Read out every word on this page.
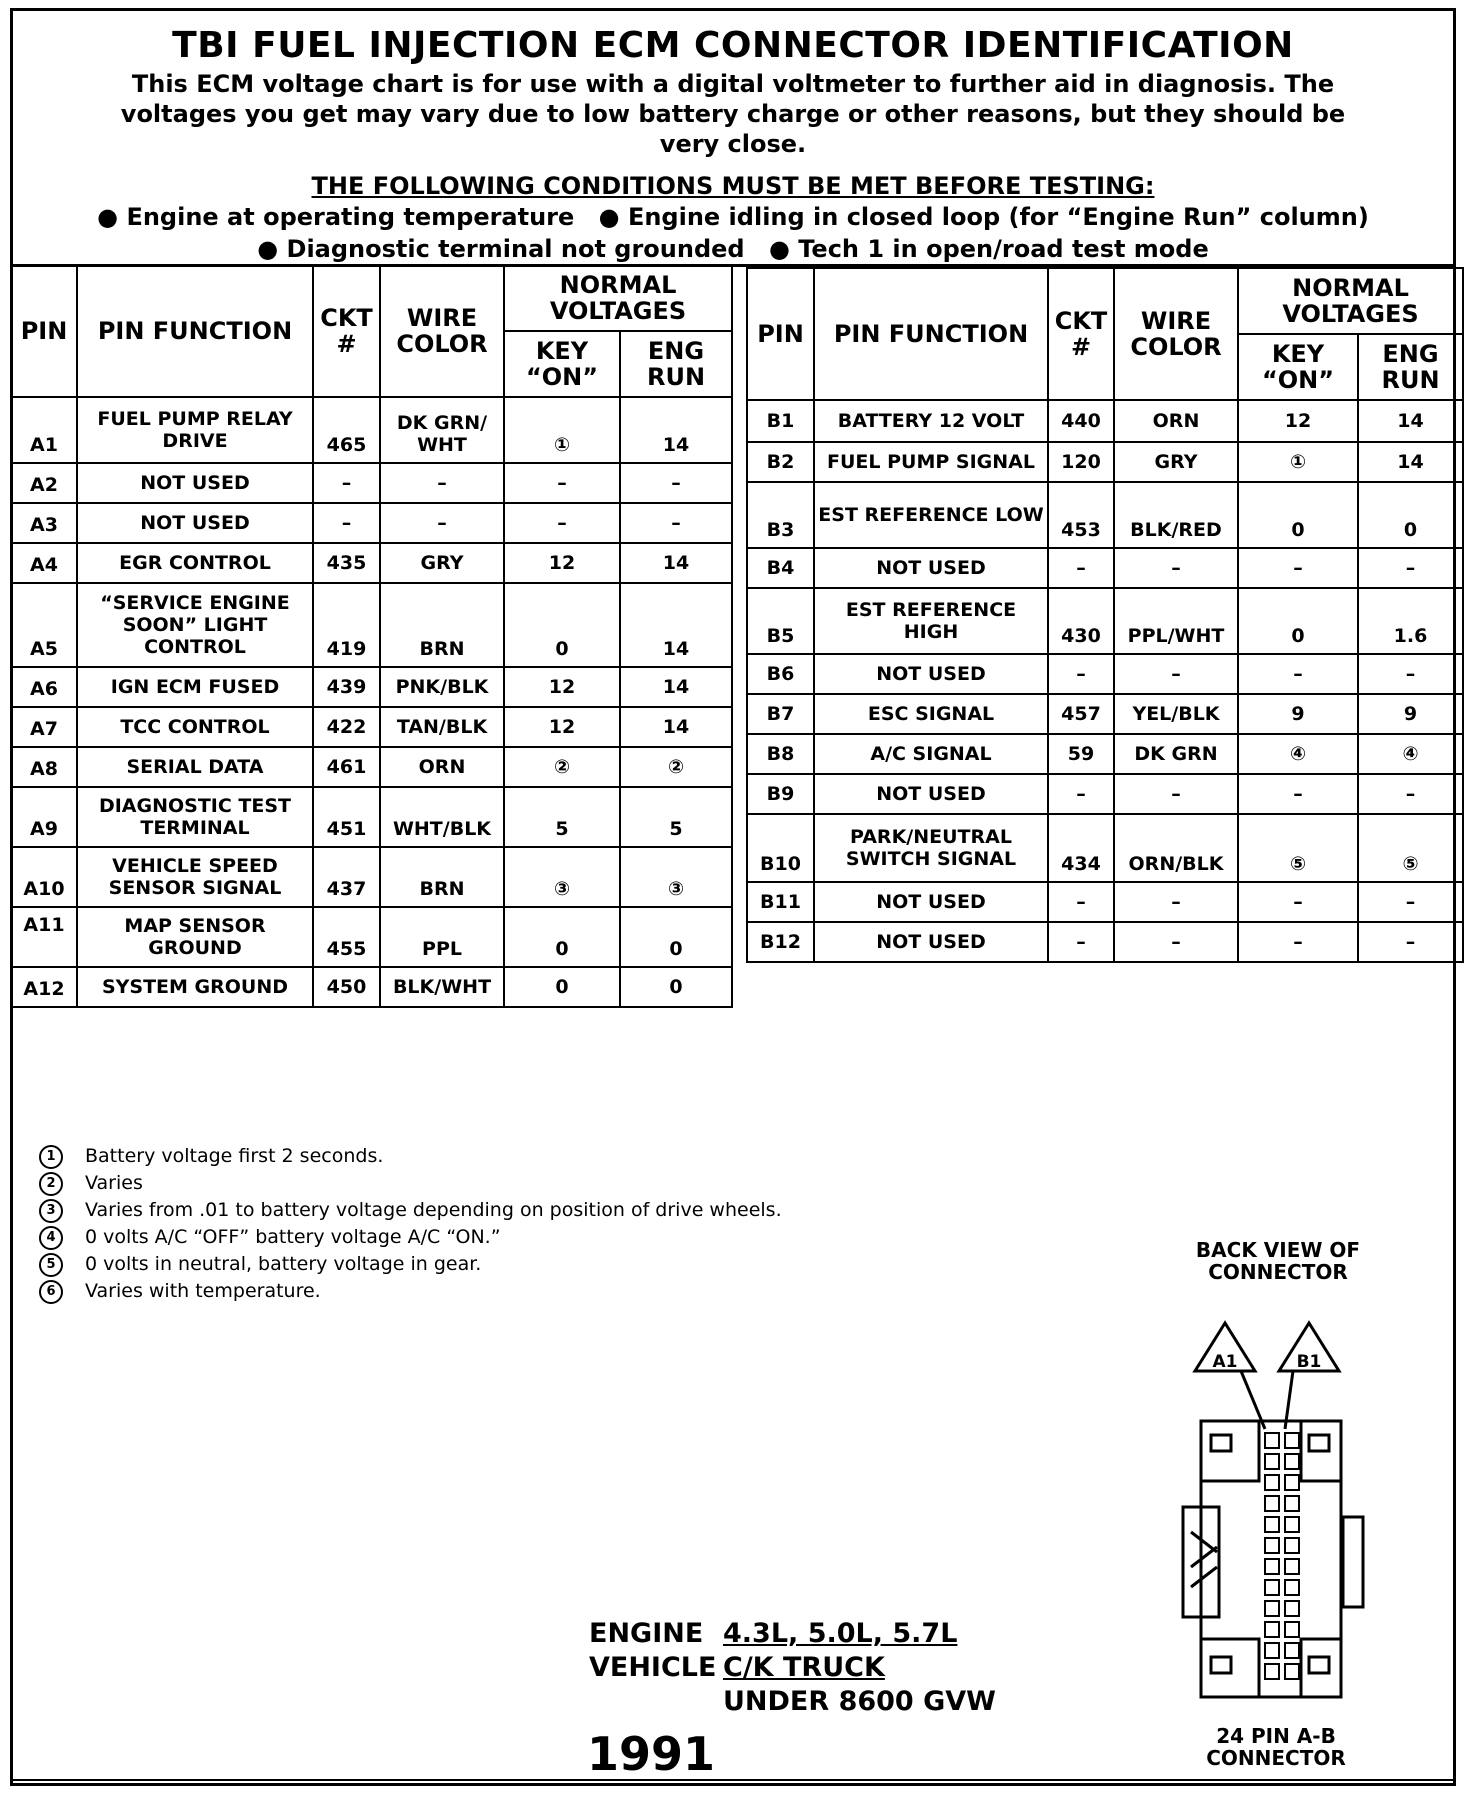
TBI FUEL INJECTION ECM CONNECTOR IDENTIFICATION
This ECM voltage chart is for use with a digital voltmeter to further aid in diagnosis. The voltages you get may vary due to low battery charge or other reasons, but they should be very close.
THE FOLLOWING CONDITIONS MUST BE MET BEFORE TESTING:
● Engine at operating temperature ● Engine idling in closed loop (for “Engine Run” column)
● Diagnostic terminal not grounded ● Tech 1 in open/road test mode
PIN	PIN FUNCTION	CKT #	WIRE COLOR	NORMAL VOLTAGES	
				KEY “ON”	ENG RUN
A1	FUEL PUMP RELAY DRIVE	465	DK GRN/ WHT	①	14
A2	NOT USED	–	–	–	–
A3	NOT USED	–	–	–	–
A4	EGR CONTROL	435	GRY	12	14
A5	“SERVICE ENGINE SOON” LIGHT CONTROL	419	BRN	0	14
A6	IGN ECM FUSED	439	PNK/BLK	12	14
A7	TCC CONTROL	422	TAN/BLK	12	14
A8	SERIAL DATA	461	ORN	②	②
A9	DIAGNOSTIC TEST TERMINAL	451	WHT/BLK	5	5
A10	VEHICLE SPEED SENSOR SIGNAL	437	BRN	③	③
A11	MAP SENSOR GROUND	455	PPL	0	0
A12	SYSTEM GROUND	450	BLK/WHT	0	0
PIN	PIN FUNCTION	CKT #	WIRE COLOR	NORMAL VOLTAGES	
				KEY “ON”	ENG RUN
B1	BATTERY 12 VOLT	440	ORN	12	14
B2	FUEL PUMP SIGNAL	120	GRY	①	14
B3	EST REFERENCE LOW	453	BLK/RED	0	0
B4	NOT USED	–	–	–	–
B5	EST REFERENCE HIGH	430	PPL/WHT	0	1.6
B6	NOT USED	–	–	–	–
B7	ESC SIGNAL	457	YEL/BLK	9	9
B8	A/C SIGNAL	59	DK GRN	④	④
B9	NOT USED	–	–	–	–
B10	PARK/NEUTRAL SWITCH SIGNAL	434	ORN/BLK	⑤	⑤
B11	NOT USED	–	–	–	–
B12	NOT USED	–	–	–	–
1	Battery voltage first 2 seconds.
2	Varies
3	Varies from .01 to battery voltage depending on position of drive wheels.
4	0 volts A/C “OFF” battery voltage A/C “ON.”
5	0 volts in neutral, battery voltage in gear.
6	Varies with temperature.
ENGINE 4.3L, 5.0L, 5.7L
VEHICLE C/K TRUCK
UNDER 8600 GVW
1991
BACK VIEW OF CONNECTOR
A1	B1
24 PIN A-B CONNECTOR
